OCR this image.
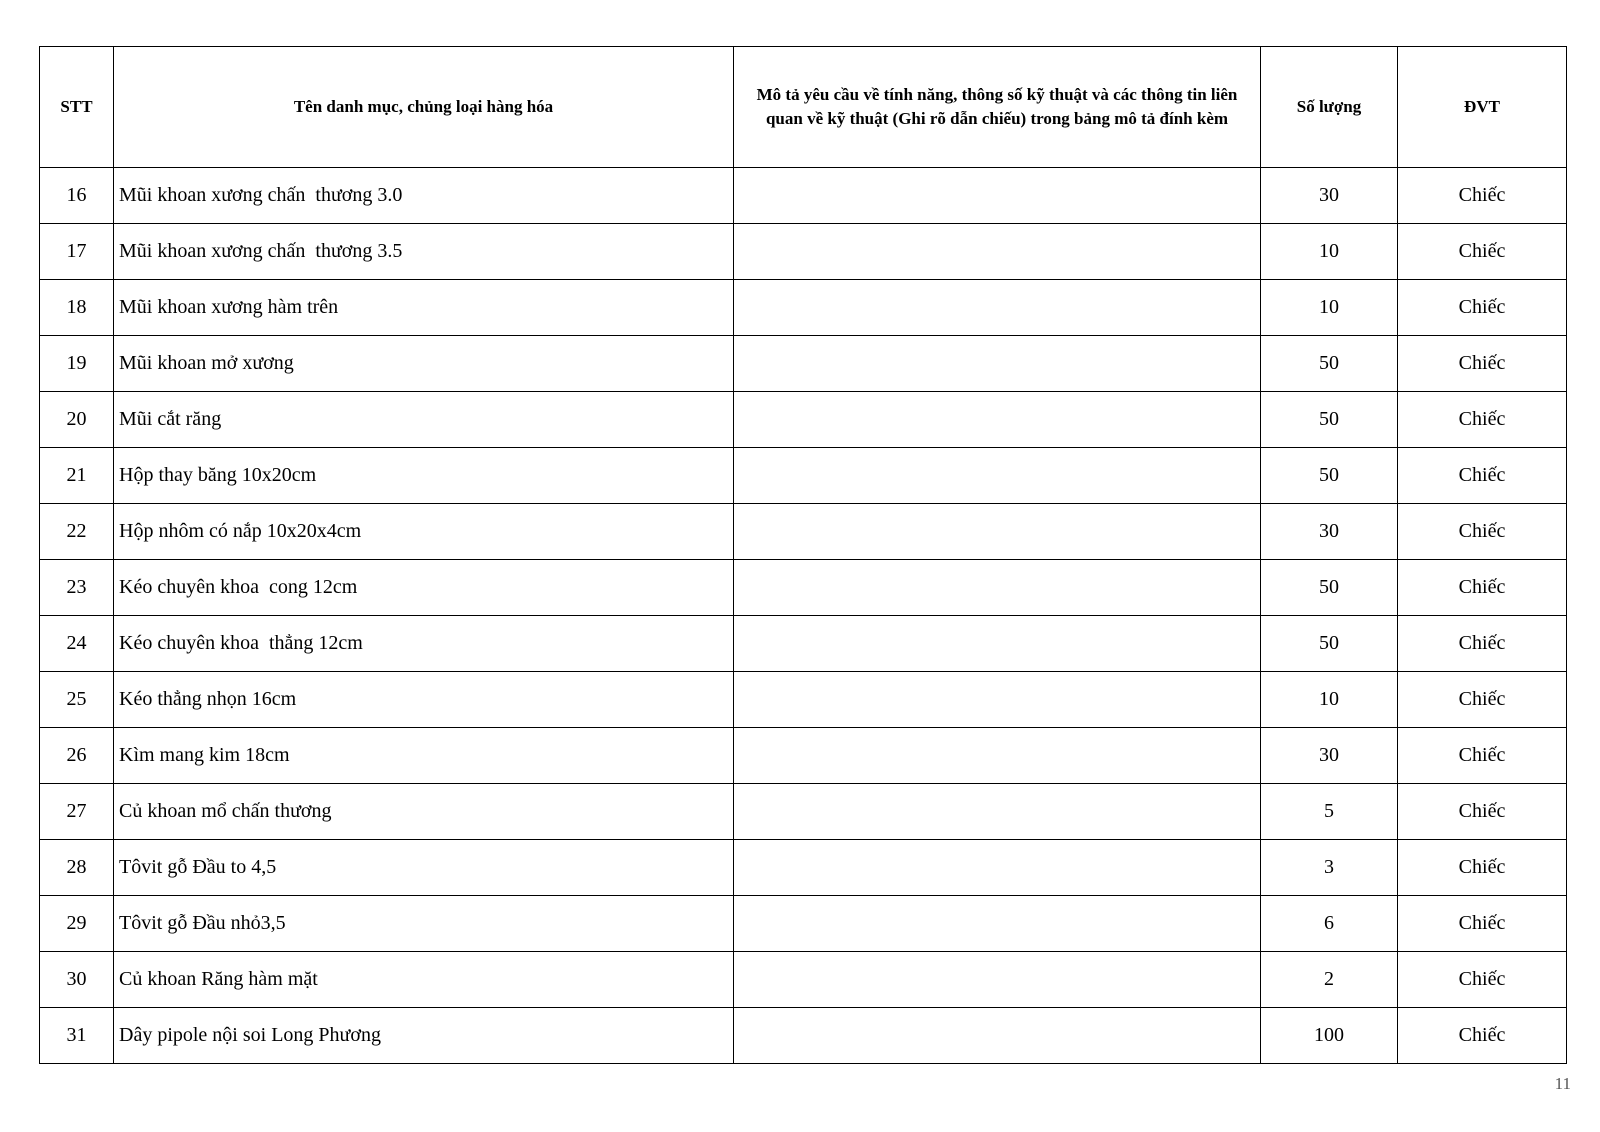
STT	Tên danh mục, chủng loại hàng hóa	Mô tả yêu cầu về tính năng, thông số kỹ thuật và các thông tin liên quan về kỹ thuật (Ghi rõ dẫn chiếu) trong bảng mô tả đính kèm	Số lượng	ĐVT
16	Mũi khoan xương chấn  thương 3.0		30	Chiếc
17	Mũi khoan xương chấn  thương 3.5		10	Chiếc
18	Mũi khoan xương hàm trên		10	Chiếc
19	Mũi khoan mở xương		50	Chiếc
20	Mũi cắt răng		50	Chiếc
21	Hộp thay băng 10x20cm		50	Chiếc
22	Hộp nhôm có nắp 10x20x4cm		30	Chiếc
23	Kéo chuyên khoa  cong 12cm		50	Chiếc
24	Kéo chuyên khoa  thẳng 12cm		50	Chiếc
25	Kéo thẳng nhọn 16cm		10	Chiếc
26	Kìm mang kim 18cm		30	Chiếc
27	Củ khoan mổ chấn thương		5	Chiếc
28	Tôvit gỗ Đầu to 4,5		3	Chiếc
29	Tôvit gỗ Đầu nhỏ3,5		6	Chiếc
30	Củ khoan Răng hàm mặt		2	Chiếc
31	Dây pipole nội soi Long Phương		100	Chiếc
11
